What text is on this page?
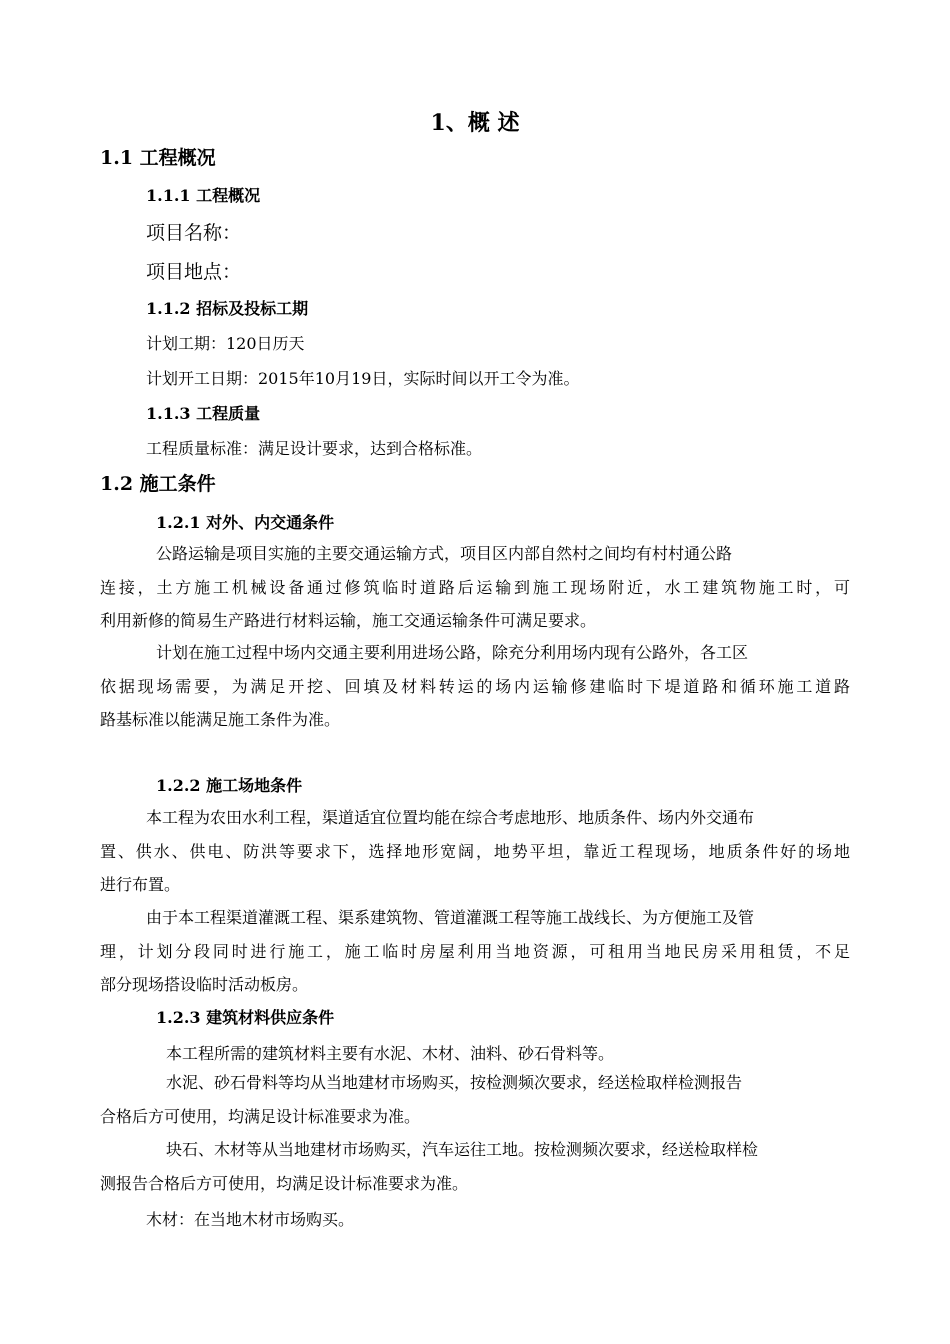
1、概 述
1.1 工程概况
1.1.1 工程概况
项目名称：
项目地点：
1.1.2 招标及投标工期
计划工期：120日历天
计划开工日期：2015年10月19日，实际时间以开工令为准。
1.1.3 工程质量
工程质量标准：满足设计要求，达到合格标准。
1.2 施工条件
1.2.1 对外、内交通条件
公路运输是项目实施的主要交通运输方式，项目区内部自然村之间均有村村通公路
连接，土方施工机械设备通过修筑临时道路后运输到施工现场附近，水工建筑物施工时，可
利用新修的简易生产路进行材料运输，施工交通运输条件可满足要求。
计划在施工过程中场内交通主要利用进场公路，除充分利用场内现有公路外，各工区
依据现场需要，为满足开挖、回填及材料转运的场内运输修建临时下堤道路和循环施工道路
路基标准以能满足施工条件为准。
1.2.2 施工场地条件
本工程为农田水利工程，渠道适宜位置均能在综合考虑地形、地质条件、场内外交通布
置、供水、供电、防洪等要求下，选择地形宽阔，地势平坦，靠近工程现场，地质条件好的场地
进行布置。
由于本工程渠道灌溉工程、渠系建筑物、管道灌溉工程等施工战线长、为方便施工及管
理，计划分段同时进行施工，施工临时房屋利用当地资源，可租用当地民房采用租赁，不足
部分现场搭设临时活动板房。
1.2.3 建筑材料供应条件
本工程所需的建筑材料主要有水泥、木材、油料、砂石骨料等。
水泥、砂石骨料等均从当地建材市场购买，按检测频次要求，经送检取样检测报告
合格后方可使用，均满足设计标准要求为准。
块石、木材等从当地建材市场购买，汽车运往工地。按检测频次要求，经送检取样检
测报告合格后方可使用，均满足设计标准要求为准。
木材：在当地木材市场购买。
